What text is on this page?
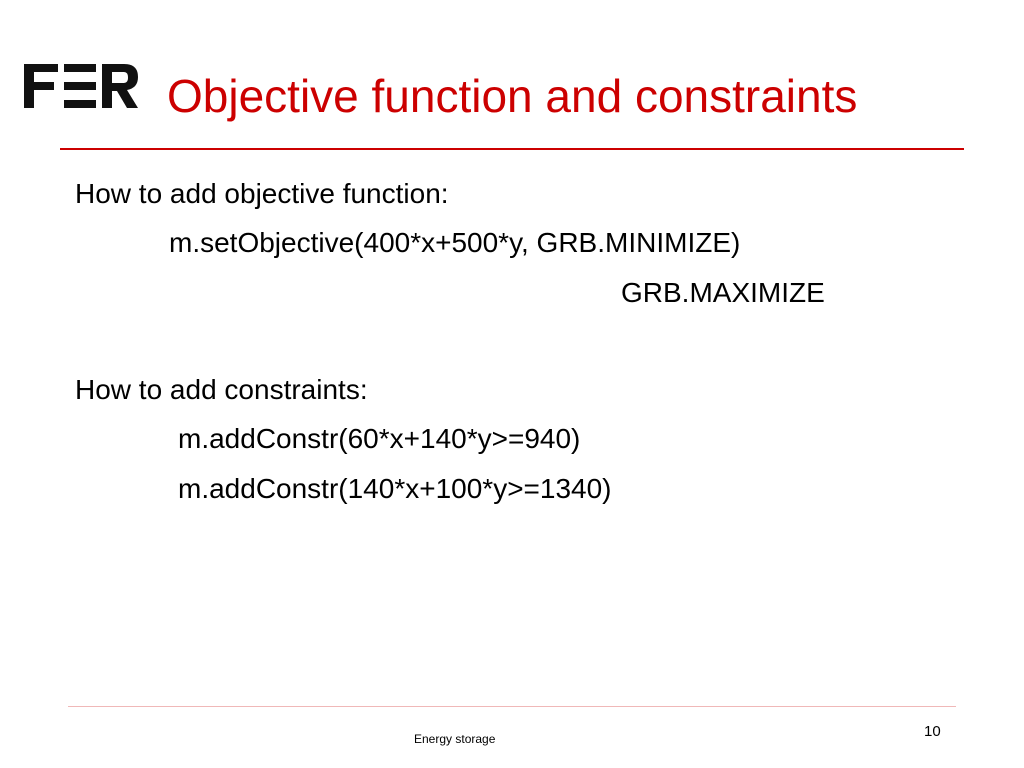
Objective function and constraints
How to add objective function:
m.setObjective(400*x+500*y, GRB.MINIMIZE)
GRB.MAXIMIZE
How to add constraints:
m.addConstr(60*x+140*y>=940)
m.addConstr(140*x+100*y>=1340)
Energy storage	10
